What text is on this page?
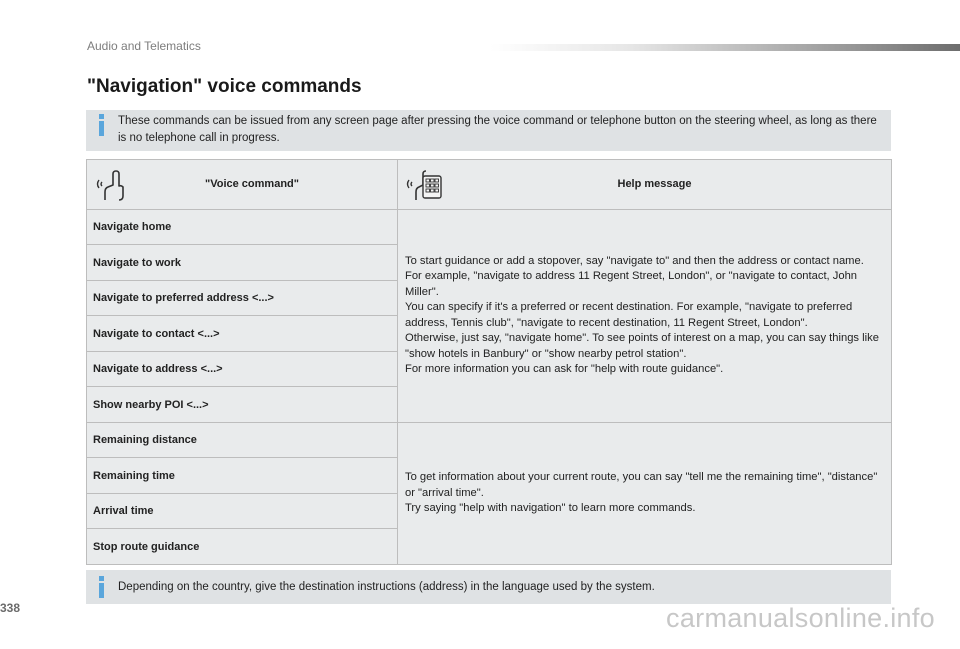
Audio and Telematics
"Navigation" voice commands

These commands can be issued from any screen page after pressing the voice command or telephone button on the steering wheel, as long as there is no telephone call in progress.

"Voice command"	Help message

Navigate home	To start guidance or add a stopover, say "navigate to" and then the address or contact name.
For example, "navigate to address 11 Regent Street, London", or "navigate to contact, John Miller".
You can specify if it's a preferred or recent destination. For example, "navigate to preferred address, Tennis club", "navigate to recent destination, 11 Regent Street, London".
Otherwise, just say, "navigate home". To see points of interest on a map, you can say things like "show hotels in Banbury" or "show nearby petrol station".
For more information you can ask for "help with route guidance".

Navigate to work	
Navigate to preferred address <...>	
Navigate to contact <...>	
Navigate to address <...>	
Show nearby POI <...>	
Remaining distance	To get information about your current route, you can say "tell me the remaining time", "distance" or "arrival time".
Try saying "help with navigation" to learn more commands.

Remaining time	
Arrival time	
Stop route guidance	

Depending on the country, give the destination instructions (address) in the language used by the system.

338	carmanualsonline.info
